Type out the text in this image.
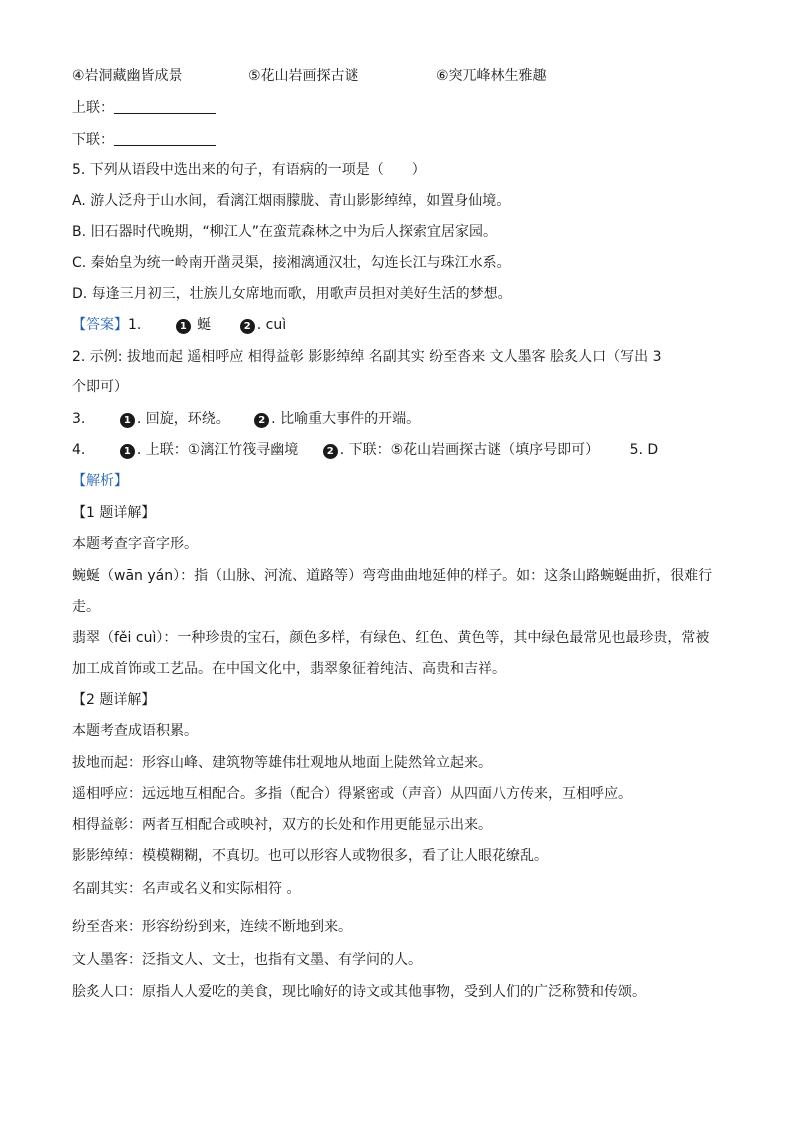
④岩洞藏幽皆成景	⑤花山岩画探古谜	⑥突兀峰林生雅趣
上联：
下联：
5. 下列从语段中选出来的句子，有语病的一项是（　　）
A. 游人泛舟于山水间，看漓江烟雨朦胧、青山影影绰绰，如置身仙境。
B. 旧石器时代晚期，“柳江人”在蛮荒森林之中为后人探索宜居家园。
C. 秦始皇为统一岭南开凿灵渠，接湘漓通汉壮，勾连长江与珠江水系。
D. 每逢三月初三，壮族儿女席地而歌，用歌声员担对美好生活的梦想。
【答案】1.	1 蜒	2 . cuì
2. 示例: 拔地而起 遥相呼应 相得益彰 影影绰绰 名副其实 纷至沓来 文人墨客 脍炙人口（写出 3
个即可）
3.	1 . 回旋，环绕。	2 . 比喻重大事件的开端。
4.	1 . 上联：①漓江竹筏寻幽境	2 . 下联：⑤花山岩画探古谜（填序号即可） 5. D
【解析】
【1 题详解】
本题考查字音字形。
蜿蜒（wān yán）：指（山脉、河流、道路等）弯弯曲曲地延伸的样子。如：这条山路蜿蜒曲折，很难行
走。
翡翠（fěi cuì）：一种珍贵的宝石，颜色多样，有绿色、红色、黄色等，其中绿色最常见也最珍贵，常被
加工成首饰或工艺品。在中国文化中，翡翠象征着纯洁、高贵和吉祥。
【2 题详解】
本题考查成语积累。
拔地而起：形容山峰、建筑物等雄伟壮观地从地面上陡然耸立起来。
遥相呼应：远远地互相配合。多指（配合）得紧密或（声音）从四面八方传来，互相呼应。
相得益彰：两者互相配合或映衬，双方的长处和作用更能显示出来。
影影绰绰：模模糊糊，不真切。也可以形容人或物很多，看了让人眼花缭乱。
名副其实：名声或名义和实际相符 。
纷至沓来：形容纷纷到来，连续不断地到来。
文人墨客：泛指文人、文士，也指有文墨、有学问的人。
脍炙人口：原指人人爱吃的美食，现比喻好的诗文或其他事物，受到人们的广泛称赞和传颂。
